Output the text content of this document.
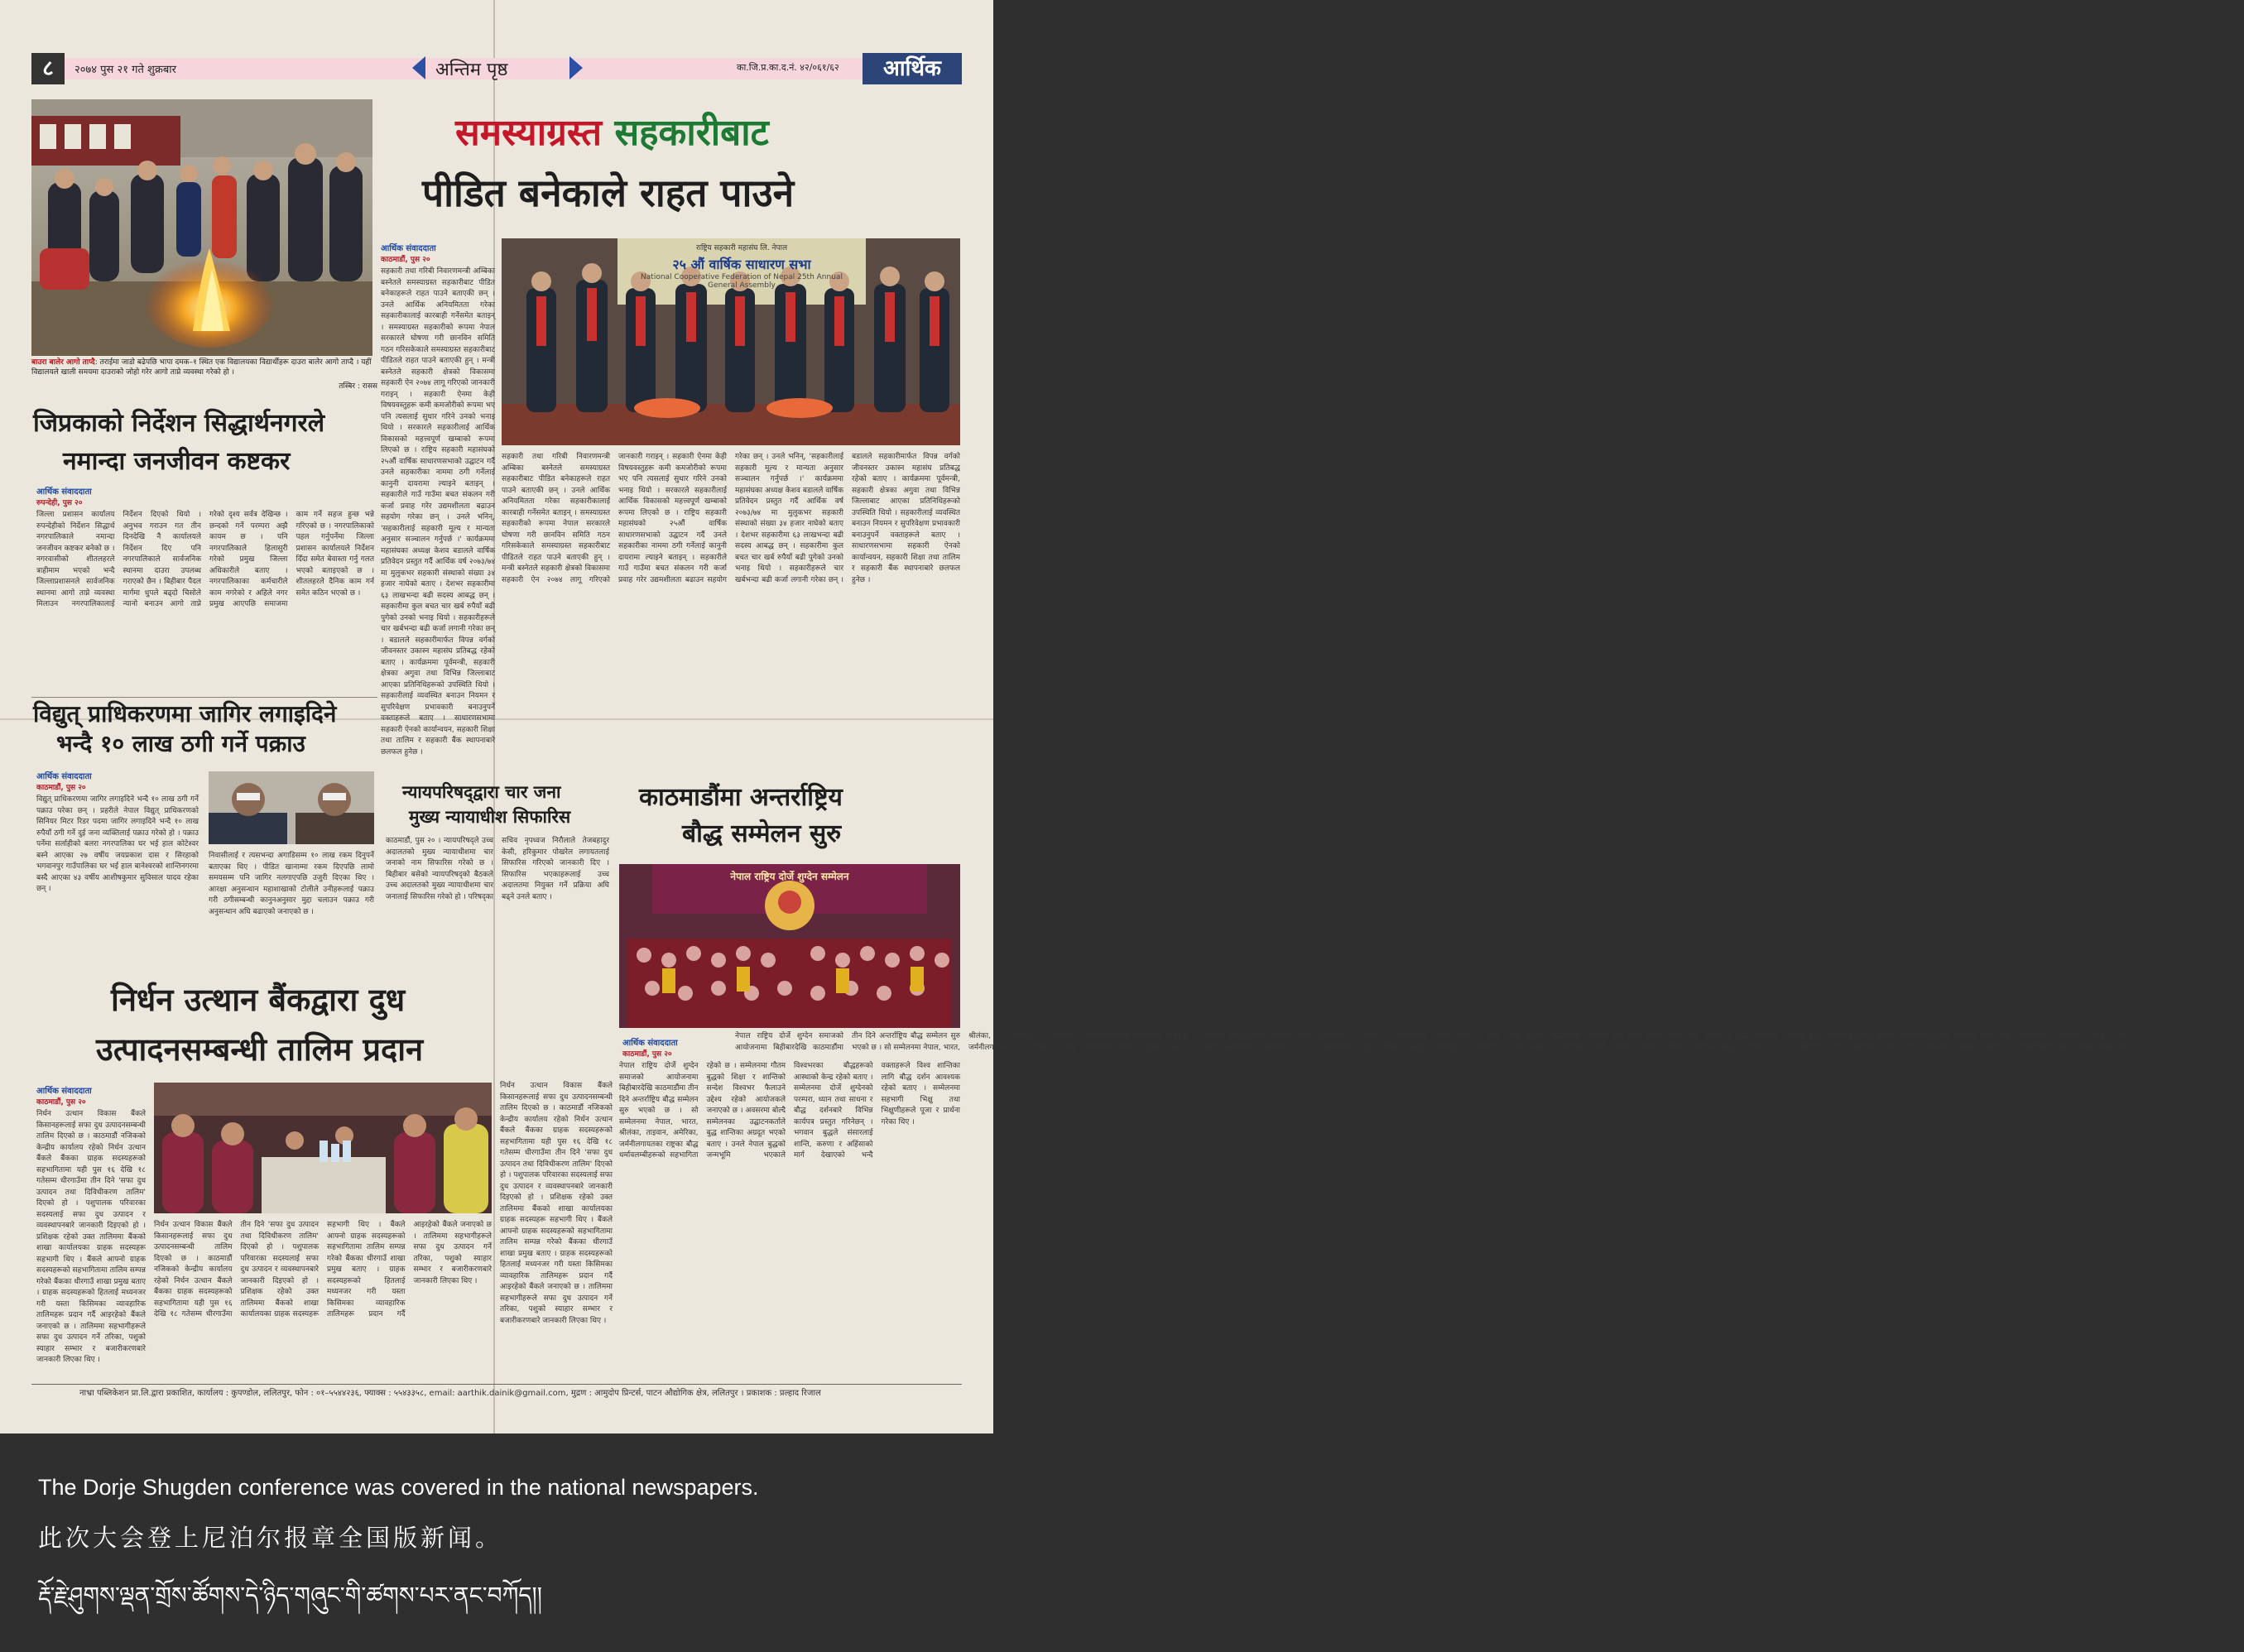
८	२०७४ पुस २१ गते शुक्रबार	अन्तिम पृष्ठ	का.जि.प्र.का.द.नं. ४२/०६१/६२	आर्थिक
बाउरा बालेर आगो ताप्दै: तराईमा जाडो बढेपछि भापा दमक–१ स्थित एक विद्यालयका विद्यार्थीहरू दाउरा बालेर आगो ताप्दै । यहीं विद्यालयले खाली समयमा दाउराको जोहो गरेर आगो ताप्ने व्यवस्था गरेको हो ।
तस्बिर : रासस
समस्याग्रस्त सहकारीबाट
पीडित बनेकाले राहत पाउने
आर्थिक संवाददाता
काठमाडौं, पुस २०
सहकारी तथा गरिबी निवारणमन्त्री अम्बिका बस्नेतले समस्याग्रस्त सहकारीबाट पीडित बनेकाहरूले राहत पाउने बताएकी छन् । उनले आर्थिक अनियमितता गरेका सहकारीकालाई कारबाही गर्नेसमेत बताइन् । समस्याग्रस्त सहकारीको रूपमा नेपाल सरकारले घोषणा गरी छानविन समिति गठन गरिसकेकाले समस्याग्रस्त सहकारीबाट पीडितले राहत पाउने बताएकी हुन् । मन्त्री बस्नेतले सहकारी क्षेत्रको विकासमा सहकारी ऐन २०७४ लागू गरिएको जानकारी गराइन् । सहकारी ऐनमा केही विषयवस्तुहरू कमी कमजोरीको रूपमा भए पनि त्यसलाई सुधार गरिने उनको भनाइ थियो । सरकारले सहकारीलाई आर्थिक विकासको महत्त्वपूर्ण खम्बाको रूपमा लिएको छ । राष्ट्रिय सहकारी महासंघको २५औं वार्षिक साधारणसभाको उद्घाटन गर्दै उनले सहकारीका नाममा ठगी गर्नेलाई कानुनी दायरामा ल्याइने बताइन् । सहकारीले गाउँ गाउँमा बचत संकलन गरी कर्जा प्रवाह गरेर उद्यमशीलता बढाउन सहयोग गरेका छन् । उनले भनिन्, 'सहकारीलाई सहकारी मूल्य र मान्यता अनुसार सञ्चालन गर्नुपर्छ ।' कार्यक्रममा महासंघका अध्यक्ष केशव बडालले वार्षिक प्रतिवेदन प्रस्तुत गर्दै आर्थिक वर्ष २०७३/७४ मा मुलुकभर सहकारी संस्थाको संख्या ३४ हजार नाघेको बताए । देशभर सहकारीमा ६३ लाखभन्दा बढी सदस्य आबद्ध छन् । सहकारीमा कुल बचत चार खर्ब रुपैयाँ बढी पुगेको उनको भनाइ थियो । सहकारीहरूले चार खर्बभन्दा बढी कर्जा लगानी गरेका छन् । बडालले सहकारीमार्फत विपन्न वर्गको जीवनस्तर उकास्न महासंघ प्रतिबद्ध रहेको बताए । कार्यक्रममा पूर्वमन्त्री, सहकारी क्षेत्रका अगुवा तथा विभिन्न जिल्लाबाट आएका प्रतिनिधिहरूको उपस्थिति थियो । सहकारीलाई व्यवस्थित बनाउन नियमन र सुपरिवेक्षण प्रभावकारी बनाउनुपर्ने वक्ताहरूले बताए । साधारणसभामा सहकारी ऐनको कार्यान्वयन, सहकारी शिक्षा तथा तालिम र सहकारी बैंक स्थापनाबारे छलफल हुनेछ ।
राष्ट्रिय सहकारी महासंघ लि. नेपाल
२५ औं वार्षिक साधारण सभा
National Cooperative Federation of Nepal 25th Annual General Assembly
सहकारी तथा गरिबी निवारणमन्त्री अम्बिका बस्नेतले समस्याग्रस्त सहकारीबाट पीडित बनेकाहरूले राहत पाउने बताएकी छन् । उनले आर्थिक अनियमितता गरेका सहकारीकालाई कारबाही गर्नेसमेत बताइन् । समस्याग्रस्त सहकारीको रूपमा नेपाल सरकारले घोषणा गरी छानविन समिति गठन गरिसकेकाले समस्याग्रस्त सहकारीबाट पीडितले राहत पाउने बताएकी हुन् । मन्त्री बस्नेतले सहकारी क्षेत्रको विकासमा सहकारी ऐन २०७४ लागू गरिएको जानकारी गराइन् । सहकारी ऐनमा केही विषयवस्तुहरू कमी कमजोरीको रूपमा भए पनि त्यसलाई सुधार गरिने उनको भनाइ थियो । सरकारले सहकारीलाई आर्थिक विकासको महत्त्वपूर्ण खम्बाको रूपमा लिएको छ । राष्ट्रिय सहकारी महासंघको २५औं वार्षिक साधारणसभाको उद्घाटन गर्दै उनले सहकारीका नाममा ठगी गर्नेलाई कानुनी दायरामा ल्याइने बताइन् । सहकारीले गाउँ गाउँमा बचत संकलन गरी कर्जा प्रवाह गरेर उद्यमशीलता बढाउन सहयोग गरेका छन् । उनले भनिन्, 'सहकारीलाई सहकारी मूल्य र मान्यता अनुसार सञ्चालन गर्नुपर्छ ।' कार्यक्रममा महासंघका अध्यक्ष केशव बडालले वार्षिक प्रतिवेदन प्रस्तुत गर्दै आर्थिक वर्ष २०७३/७४ मा मुलुकभर सहकारी संस्थाको संख्या ३४ हजार नाघेको बताए । देशभर सहकारीमा ६३ लाखभन्दा बढी सदस्य आबद्ध छन् । सहकारीमा कुल बचत चार खर्ब रुपैयाँ बढी पुगेको उनको भनाइ थियो । सहकारीहरूले चार खर्बभन्दा बढी कर्जा लगानी गरेका छन् । बडालले सहकारीमार्फत विपन्न वर्गको जीवनस्तर उकास्न महासंघ प्रतिबद्ध रहेको बताए । कार्यक्रममा पूर्वमन्त्री, सहकारी क्षेत्रका अगुवा तथा विभिन्न जिल्लाबाट आएका प्रतिनिधिहरूको उपस्थिति थियो । सहकारीलाई व्यवस्थित बनाउन नियमन र सुपरिवेक्षण प्रभावकारी बनाउनुपर्ने वक्ताहरूले बताए । साधारणसभामा सहकारी ऐनको कार्यान्वयन, सहकारी शिक्षा तथा तालिम र सहकारी बैंक स्थापनाबारे छलफल हुनेछ ।
जिप्रकाको निर्देशन सिद्धार्थनगरले
नमान्दा जनजीवन कष्टकर
आर्थिक संवाददाता
रुपन्देही, पुस २०
जिल्ला प्रशासन कार्यालय रुपन्देहीको निर्देशन सिद्धार्थ नगरपालिकाले नमान्दा जनजीवन कष्टकर बनेको छ । नगरवासीको शीतलहरले त्राहीमाम भएको भन्दै जिल्लाप्रशासनले सार्वजनिक स्थानमा आगो ताप्ने व्यवस्था मिलाउन नगरपालिकालाई निर्देशन दिएको थियो । अनुभव गराउन गत तीन दिनदेखि नै कार्यालयले निर्देशन दिए पनि नगरपालिकाले सार्वजनिक स्थानमा दाउरा उपलब्ध गराएको छैन । बिहीबार पैदल मार्गमा धुपले बढ्दो चिसोले न्यानो बनाउन आगो ताप्ने गरेको दृश्य सर्वत्र देखिन्छ । छन्दको गर्ने परम्परा अझै कायम छ । पनि नगरपालिकाले हिलासुरी गरेको प्रमुख जिल्ला अधिकारीले बताए । नगरपालिकाका कर्मचारीले काम नगरेको र अहिले नगर प्रमुख आएपछि समाजमा काम गर्ने सहज हुन्छ भन्ने गरिएको छ । नगरपालिकाको पहल गर्नुपर्नेमा जिल्ला प्रशासन कार्यालयले निर्देशन दिँदा समेत बेवास्ता गर्नु गलत भएको बताइएको छ । शीतलहरले दैनिक काम गर्न समेत कठिन भएको छ ।
विद्युत् प्राधिकरणमा जागिर लगाइदिने
भन्दै १० लाख ठगी गर्ने पक्राउ
आर्थिक संवाददाता
काठमाडौं, पुस २०
विद्युत् प्राधिकरणमा जागिर लगाइदिने भन्दै १० लाख ठगी गर्ने पक्राउ परेका छन् । प्रहरीले नेपाल विद्युत् प्राधिकरणको सिनियर मिटर रिडर पदमा जागिर लगाइदिने भन्दै १० लाख रुपैयाँ ठगी गर्ने दुई जना व्यक्तिलाई पक्राउ गरेको हो । पक्राउ पर्नेमा सर्लाहीको बलरा नगरपालिका घर भई हाल कोटेश्वर बस्ने आएका २७ वर्षीय जयप्रकाश दास र सिरहाको भगवानपुर गाउँपालिका घर भई हाल बानेश्वरको शान्तिनगरमा बस्दै आएका ४३ वर्षीय आशीषकुमार सुविसाल यादव रहेका छन् ।
निवासीलाई र त्यसभन्दा अगाडिसम्म १० लाख रकम दिनुपर्ने बताएका थिए । पीडित खानाम्मा रकम दिएपछि लामो समयसम्म पनि जागिर नलगाएपछि उजुरी दिएका थिए । आरक्षा अनुसन्धान महाशाखाको टोलीले उनीहरूलाई पक्राउ गरी ठगीसम्बन्धी कानुनअनुसार मुद्दा चलाउन पक्राउ गरी अनुसन्धान अघि बढाएको जनाएको छ ।
न्यायपरिषद्‌द्वारा चार जना
मुख्य न्यायाधीश सिफारिस
काठमाडौं, पुस २० । न्यायपरिषद्‌ले उच्च अदालतको मुख्य न्यायाधीशमा चार जनाको नाम सिफारिस गरेको छ । बिहीबार बसेको न्यायपरिषद्‌को बैठकले उच्च अदालतको मुख्य न्यायाधीशमा चार जनालाई सिफारिस गरेको हो । परिषद्‌का सचिव नृपध्वज निरौलाले तेजबहादुर केसी, हरिकुमार पोखरेल लगायतलाई सिफारिस गरिएको जानकारी दिए । सिफारिस भएकाहरूलाई उच्च अदालतमा नियुक्त गर्ने प्रक्रिया अघि बढ्ने उनले बताए ।
काठमाडौंमा अन्तर्राष्ट्रिय
बौद्ध सम्मेलन सुरु
नेपाल राष्ट्रिय दोर्जे शुग्देन सम्मेलन
आर्थिक संवाददाता
काठमाडौं, पुस २०
नेपाल राष्ट्रिय दोर्जे शुग्देन समाजको आयोजनामा बिहीबारदेखि काठमाडौंमा तीन दिने अन्तर्राष्ट्रिय बौद्ध सम्मेलन सुरु भएको छ । सो सम्मेलनमा नेपाल, भारत, श्रीलंका, ताइवान, अमेरिका, जर्मनीलगायतका राष्ट्रका बौद्ध धर्मावलम्बीहरूको सहभागिता रहेको छ । सम्मेलनमा गौतम बुद्धको शिक्षा र शान्तिको सन्देश विश्वभर फैलाउने उद्देश्य रहेको आयोजकले जनाएको छ । अवसरमा बोल्दै सम्मेलनका उद्घाटनकर्ताले बुद्ध शान्तिका अग्रदूत भएको बताए । उनले नेपाल बुद्धको जन्मभूमि भएकाले विश्वभरका बौद्धहरूको आस्थाको केन्द्र रहेको बताए । सम्मेलनमा दोर्जे शुग्देनको परम्परा, ध्यान तथा साधना र बौद्ध दर्शनबारे विभिन्न कार्यपत्र प्रस्तुत गरिनेछन् । भगवान बुद्धले संसारलाई शान्ति, करुणा र अहिंसाको मार्ग देखाएको भन्दै वक्ताहरूले विश्व शान्तिका लागि बौद्ध दर्शन आवश्यक रहेको बताए । सम्मेलनमा सहभागी भिक्षु तथा भिक्षुणीहरूले पूजा र प्रार्थना गरेका थिए ।
नेपाल राष्ट्रिय दोर्जे शुग्देन समाजको आयोजनामा बिहीबारदेखि काठमाडौंमा तीन दिने अन्तर्राष्ट्रिय बौद्ध सम्मेलन सुरु भएको छ । सो सम्मेलनमा नेपाल, भारत, श्रीलंका, ताइवान, अमेरिका, जर्मनीलगायतका राष्ट्रका बौद्ध धर्मावलम्बीहरूको सहभागिता रहेको छ । सम्मेलनमा गौतम बुद्धको शिक्षा र शान्तिको सन्देश विश्वभर फैलाउने उद्देश्य रहेको आयोजकले जनाएको छ । अवसरमा बोल्दै सम्मेलनका उद्घाटनकर्ताले बुद्ध शान्तिका अग्रदूत भएको बताए । उनले नेपाल बुद्धको जन्मभूमि भएकाले विश्वभरका बौद्धहरूको आस्थाको केन्द्र रहेको बताए । सम्मेलनमा दोर्जे शुग्देनको परम्परा, ध्यान तथा साधना र बौद्ध दर्शनबारे विभिन्न कार्यपत्र प्रस्तुत गरिनेछन् । भगवान बुद्धले संसारलाई शान्ति, करुणा र अहिंसाको मार्ग देखाएको भन्दै वक्ताहरूले विश्व शान्तिका लागि बौद्ध दर्शन आवश्यक रहेको बताए । सम्मेलनमा सहभागी भिक्षु तथा भिक्षुणीहरूले पूजा र प्रार्थना गरेका थिए ।
निर्धन उत्थान बैंकद्वारा दुध
उत्पादनसम्बन्धी तालिम प्रदान
आर्थिक संवाददाता
काठमाडौं, पुस २०
निर्धन उत्थान विकास बैंकले किसानहरूलाई सफा दुध उत्पादनसम्बन्धी तालिम दिएको छ । काठमाडौं नजिकको केन्द्रीय कार्यालय रहेको निर्धन उत्थान बैंकले बैंकका ग्राहक सदस्यहरूको सहभागितामा यही पुस १६ देखि १८ गतेसम्म धीरगाउँमा तीन दिने 'सफा दुध उत्पादन तथा दिविधीकरण तालिम' दिएको हो । पशुपालक परिवारका सदस्यलाई सफा दुध उत्पादन र व्यवस्थापनबारे जानकारी दिइएको हो । प्रशिक्षक रहेको उक्त तालिममा बैंकको शाखा कार्यालयका ग्राहक सदस्यहरू सहभागी थिए । बैंकले आफ्नो ग्राहक सदस्यहरूको सहभागितामा तालिम सम्पन्न गरेको बैंकका धीरगाउँ शाखा प्रमुख बताए । ग्राहक सदस्यहरूको हितलाई मध्यनजर गरी यस्ता किसिमका व्यावहारिक तालिमहरू प्रदान गर्दै आइरहेको बैंकले जनाएको छ । तालिममा सहभागीहरूले सफा दुध उत्पादन गर्ने तरिका, पशुको स्याहार सम्भार र बजारीकरणबारे जानकारी लिएका थिए ।
निर्धन उत्थान विकास बैंकले किसानहरूलाई सफा दुध उत्पादनसम्बन्धी तालिम दिएको छ । काठमाडौं नजिकको केन्द्रीय कार्यालय रहेको निर्धन उत्थान बैंकले बैंकका ग्राहक सदस्यहरूको सहभागितामा यही पुस १६ देखि १८ गतेसम्म धीरगाउँमा तीन दिने 'सफा दुध उत्पादन तथा दिविधीकरण तालिम' दिएको हो । पशुपालक परिवारका सदस्यलाई सफा दुध उत्पादन र व्यवस्थापनबारे जानकारी दिइएको हो । प्रशिक्षक रहेको उक्त तालिममा बैंकको शाखा कार्यालयका ग्राहक सदस्यहरू सहभागी थिए । बैंकले आफ्नो ग्राहक सदस्यहरूको सहभागितामा तालिम सम्पन्न गरेको बैंकका धीरगाउँ शाखा प्रमुख बताए । ग्राहक सदस्यहरूको हितलाई मध्यनजर गरी यस्ता किसिमका व्यावहारिक तालिमहरू प्रदान गर्दै आइरहेको बैंकले जनाएको छ । तालिममा सहभागीहरूले सफा दुध उत्पादन गर्ने तरिका, पशुको स्याहार सम्भार र बजारीकरणबारे जानकारी लिएका थिए ।
निर्धन उत्थान विकास बैंकले किसानहरूलाई सफा दुध उत्पादनसम्बन्धी तालिम दिएको छ । काठमाडौं नजिकको केन्द्रीय कार्यालय रहेको निर्धन उत्थान बैंकले बैंकका ग्राहक सदस्यहरूको सहभागितामा यही पुस १६ देखि १८ गतेसम्म धीरगाउँमा तीन दिने 'सफा दुध उत्पादन तथा दिविधीकरण तालिम' दिएको हो । पशुपालक परिवारका सदस्यलाई सफा दुध उत्पादन र व्यवस्थापनबारे जानकारी दिइएको हो । प्रशिक्षक रहेको उक्त तालिममा बैंकको शाखा कार्यालयका ग्राहक सदस्यहरू सहभागी थिए । बैंकले आफ्नो ग्राहक सदस्यहरूको सहभागितामा तालिम सम्पन्न गरेको बैंकका धीरगाउँ शाखा प्रमुख बताए । ग्राहक सदस्यहरूको हितलाई मध्यनजर गरी यस्ता किसिमका व्यावहारिक तालिमहरू प्रदान गर्दै आइरहेको बैंकले जनाएको छ । तालिममा सहभागीहरूले सफा दुध उत्पादन गर्ने तरिका, पशुको स्याहार सम्भार र बजारीकरणबारे जानकारी लिएका थिए ।
नाभ्रा पब्लिकेशन प्रा.लि.द्वारा प्रकाशित, कार्यालय : कुपण्डोल, ललितपुर, फोन : ०१–५५४४२३६, फ्याक्स : ५५४३३५८, email: aarthik.dainik@gmail.com, मुद्रण : आमुदोप प्रिन्टर्स, पाटन औद्योगिक क्षेत्र, ललितपुर । प्रकाशक : प्रल्हाद रिजाल
The Dorje Shugden conference was covered in the national newspapers.
此次大会登上尼泊尔报章全国版新闻。
རྡོ་རྗེ་ཤུགས་ལྡན་གྲོས་ཚོགས་དེ་ཉིད་གཞུང་གི་ཚགས་པར་ནང་བཀོད།།
